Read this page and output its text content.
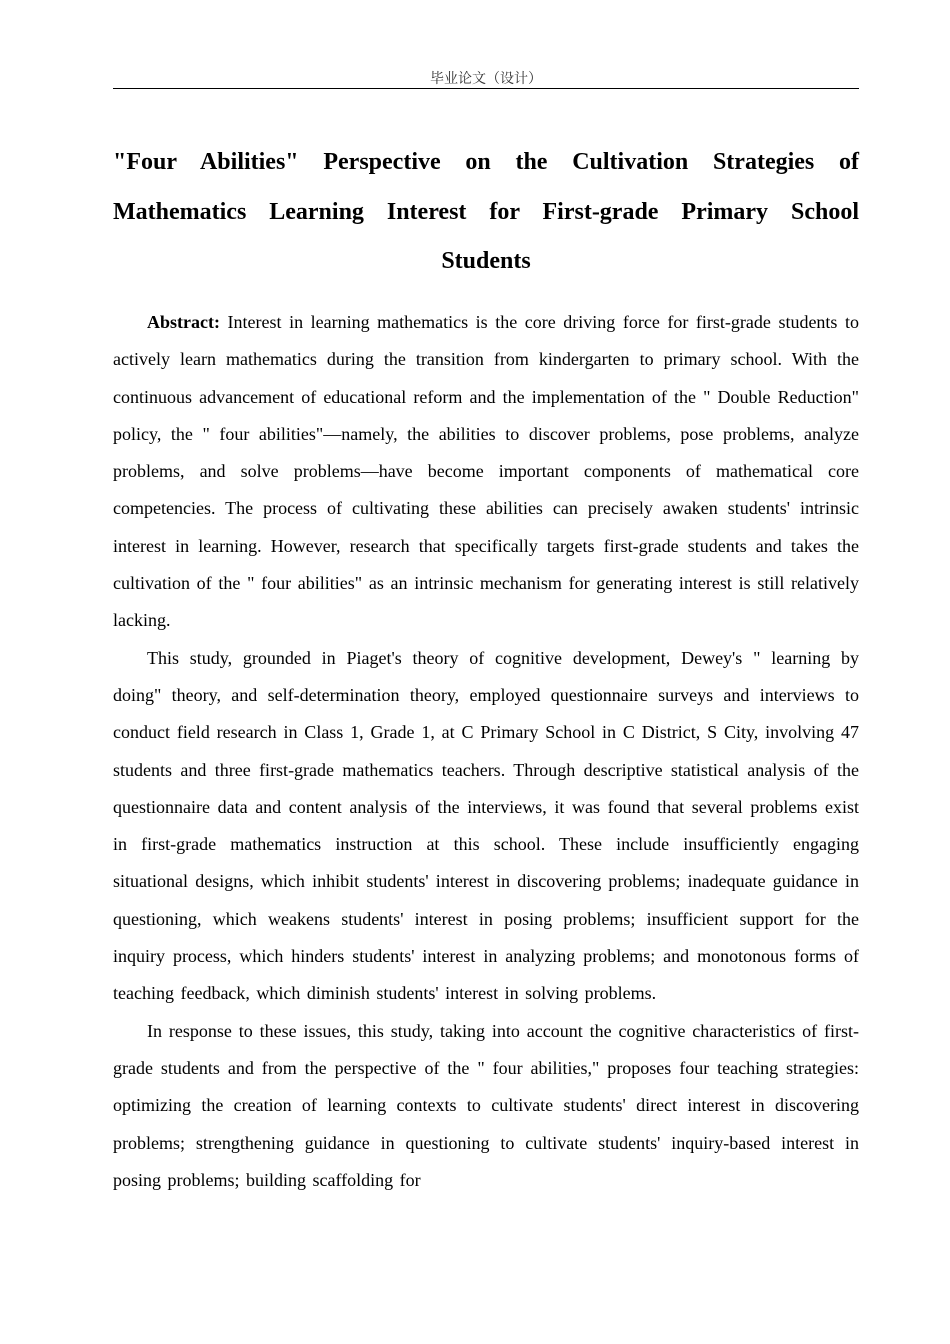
毕业论文（设计）
"Four Abilities" Perspective on the Cultivation Strategies of Mathematics Learning Interest for First-grade Primary School Students

Abstract: Interest in learning mathematics is the core driving force for first-grade students to actively learn mathematics during the transition from kindergarten to primary school. With the continuous advancement of educational reform and the implementation of the " Double Reduction" policy, the " four abilities"—namely, the abilities to discover problems, pose problems, analyze problems, and solve problems—have become important components of mathematical core competencies. The process of cultivating these abilities can precisely awaken students' intrinsic interest in learning. However, research that specifically targets first-grade students and takes the cultivation of the " four abilities" as an intrinsic mechanism for generating interest is still relatively lacking.

This study, grounded in Piaget's theory of cognitive development, Dewey's " learning by doing" theory, and self-determination theory, employed questionnaire surveys and interviews to conduct field research in Class 1, Grade 1, at C Primary School in C District, S City, involving 47 students and three first-grade mathematics teachers. Through descriptive statistical analysis of the questionnaire data and content analysis of the interviews, it was found that several problems exist in first-grade mathematics instruction at this school. These include insufficiently engaging situational designs, which inhibit students' interest in discovering problems; inadequate guidance in questioning, which weakens students' interest in posing problems; insufficient support for the inquiry process, which hinders students' interest in analyzing problems; and monotonous forms of teaching feedback, which diminish students' interest in solving problems.

In response to these issues, this study, taking into account the cognitive characteristics of first-grade students and from the perspective of the " four abilities," proposes four teaching strategies: optimizing the creation of learning contexts to cultivate students' direct interest in discovering problems; strengthening guidance in questioning to cultivate students' inquiry-based interest in posing problems; building scaffolding for
